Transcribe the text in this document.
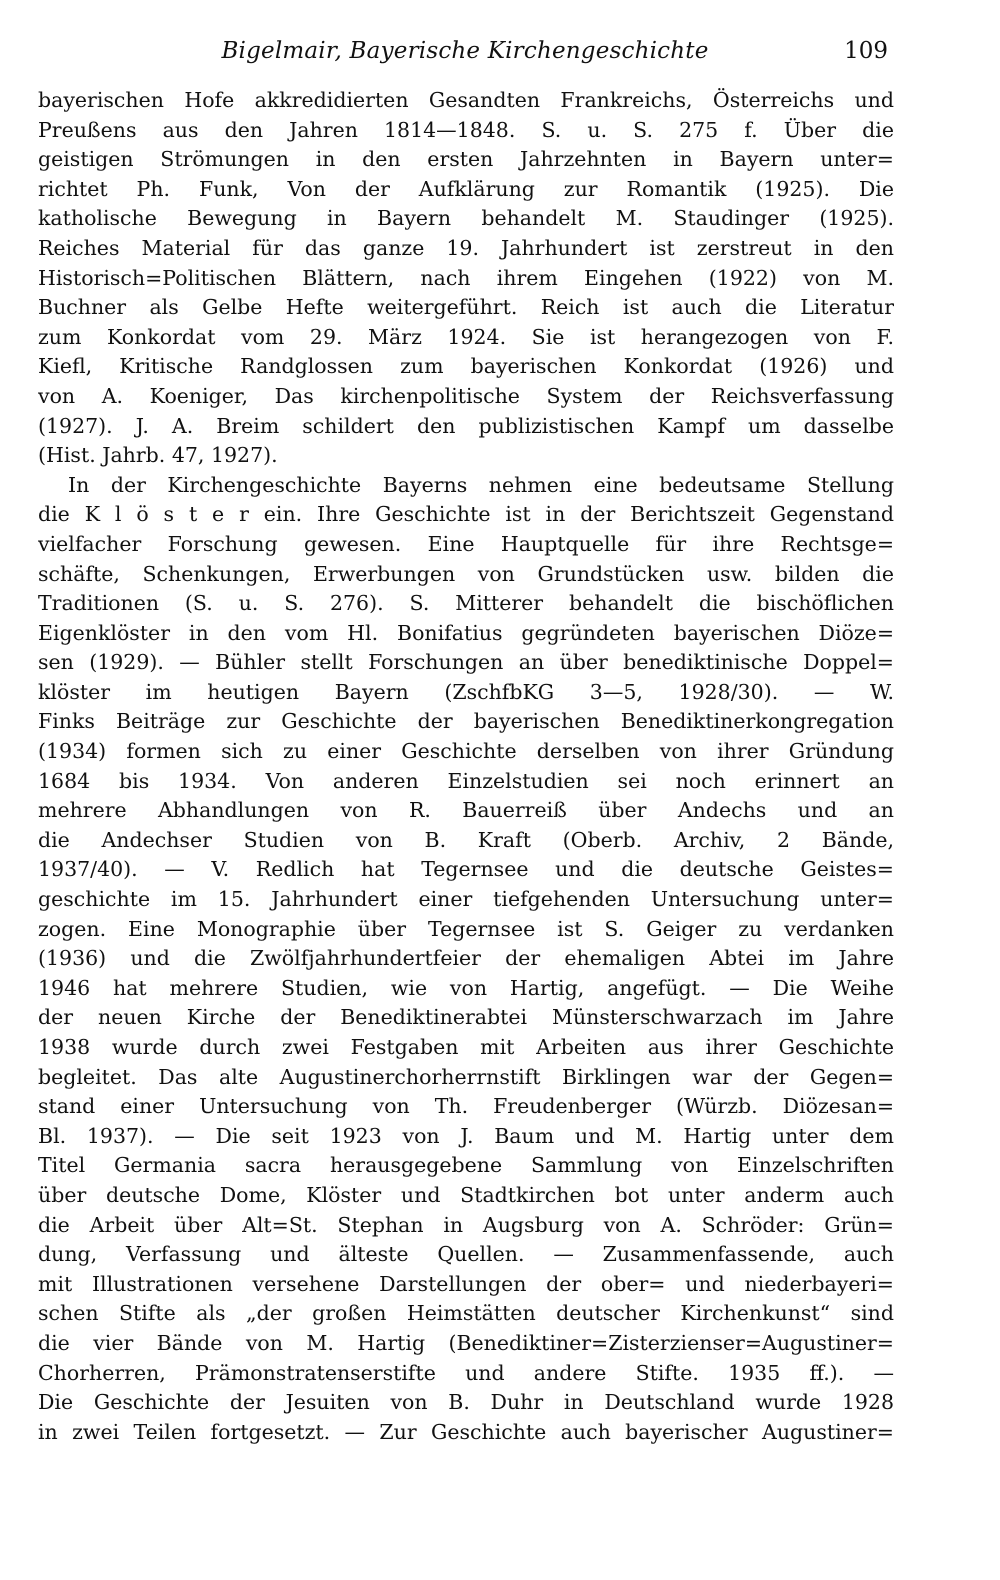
Bigelmair, Bayerische Kirchengeschichte	109
bayerischen Hofe akkredidierten Gesandten Frankreichs, Österreichs und
Preußens aus den Jahren 1814—1848. S. u. S. 275 f. Über die
geistigen Strömungen in den ersten Jahrzehnten in Bayern unter=
richtet Ph. Funk, Von der Aufklärung zur Romantik (1925). Die
katholische Bewegung in Bayern behandelt M. Staudinger (1925).
Reiches Material für das ganze 19. Jahrhundert ist zerstreut in den
Historisch=Politischen Blättern, nach ihrem Eingehen (1922) von M.
Buchner als Gelbe Hefte weitergeführt. Reich ist auch die Literatur
zum Konkordat vom 29. März 1924. Sie ist herangezogen von F.
Kiefl, Kritische Randglossen zum bayerischen Konkordat (1926) und
von A. Koeniger, Das kirchenpolitische System der Reichsverfassung
(1927). J. A. Breim schildert den publizistischen Kampf um dasselbe
(Hist. Jahrb. 47, 1927).
In der Kirchengeschichte Bayerns nehmen eine bedeutsame Stellung
die K l ö s t e r ein. Ihre Geschichte ist in der Berichtszeit Gegenstand
vielfacher Forschung gewesen. Eine Hauptquelle für ihre Rechtsge=
schäfte, Schenkungen, Erwerbungen von Grundstücken usw. bilden die
Traditionen (S. u. S. 276). S. Mitterer behandelt die bischöflichen
Eigenklöster in den vom Hl. Bonifatius gegründeten bayerischen Diöze=
sen (1929). — Bühler stellt Forschungen an über benediktinische Doppel=
klöster im heutigen Bayern (ZschfbKG 3—5, 1928/30). — W.
Finks Beiträge zur Geschichte der bayerischen Benediktinerkongregation
(1934) formen sich zu einer Geschichte derselben von ihrer Gründung
1684 bis 1934. Von anderen Einzelstudien sei noch erinnert an
mehrere Abhandlungen von R. Bauerreiß über Andechs und an
die Andechser Studien von B. Kraft (Oberb. Archiv, 2 Bände,
1937/40). — V. Redlich hat Tegernsee und die deutsche Geistes=
geschichte im 15. Jahrhundert einer tiefgehenden Untersuchung unter=
zogen. Eine Monographie über Tegernsee ist S. Geiger zu verdanken
(1936) und die Zwölfjahrhundertfeier der ehemaligen Abtei im Jahre
1946 hat mehrere Studien, wie von Hartig, angefügt. — Die Weihe
der neuen Kirche der Benediktinerabtei Münsterschwarzach im Jahre
1938 wurde durch zwei Festgaben mit Arbeiten aus ihrer Geschichte
begleitet. Das alte Augustinerchorherrnstift Birklingen war der Gegen=
stand einer Untersuchung von Th. Freudenberger (Würzb. Diözesan=
Bl. 1937). — Die seit 1923 von J. Baum und M. Hartig unter dem
Titel Germania sacra herausgegebene Sammlung von Einzelschriften
über deutsche Dome, Klöster und Stadtkirchen bot unter anderm auch
die Arbeit über Alt=St. Stephan in Augsburg von A. Schröder: Grün=
dung, Verfassung und älteste Quellen. — Zusammenfassende, auch
mit Illustrationen versehene Darstellungen der ober= und niederbayeri=
schen Stifte als „der großen Heimstätten deutscher Kirchenkunst“ sind
die vier Bände von M. Hartig (Benediktiner=Zisterzienser=Augustiner=
Chorherren, Prämonstratenserstifte und andere Stifte. 1935 ff.). —
Die Geschichte der Jesuiten von B. Duhr in Deutschland wurde 1928
in zwei Teilen fortgesetzt. — Zur Geschichte auch bayerischer Augustiner=
